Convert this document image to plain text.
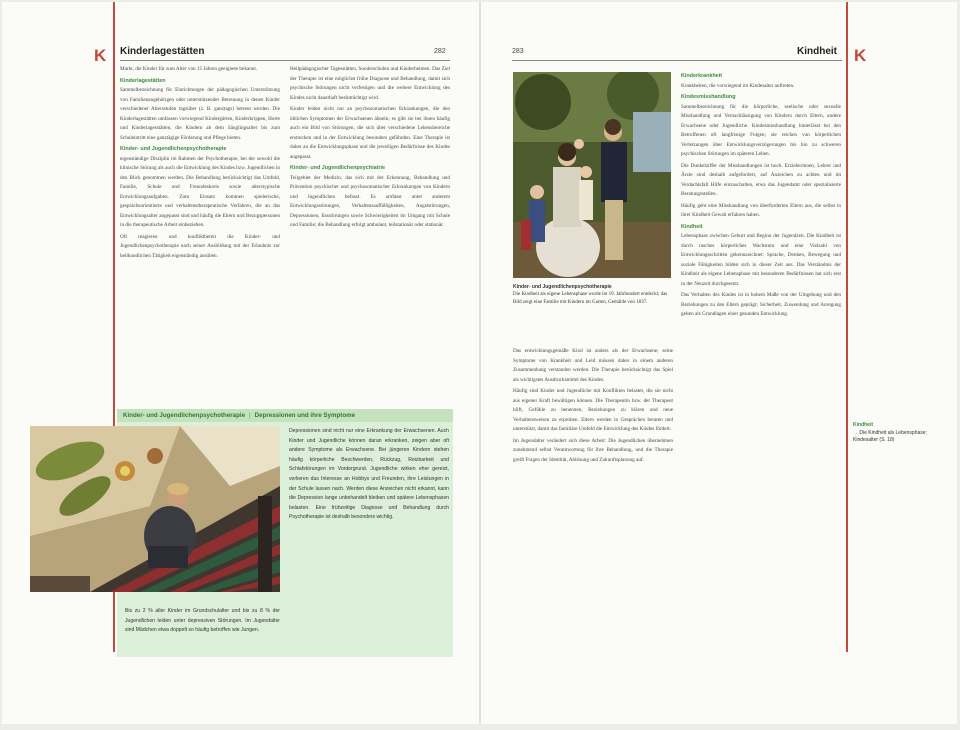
K Kinderlagestätten	282

Markt, die Kinder für zum Alter von 15 Jahren geeignete bekannt.

Kinderlagestätten

Sammelbezeichnung für Einrichtungen der pädagogischen Unterstützung von Familienangehörigen oder unterstützender Betreuung in denen Kinder verschiedener Altersstufen tagsüber (z. B. ganztags) betreut werden. Die Kinderlagestätten umfassen vorwiegend Kindergärten, Kinderkrippen, Horte und Kindertagesstätten, die Kindern ab dem Säuglingsalter bis zum Schuleintritt eine ganztägige Förderung und Pflege bieten.

Kinder- und Jugendlichenpsychotherapie

eigenständige Disziplin im Rahmen der Psychotherapie, bei der sowohl die klinische Störung als auch die Entwicklung des Kindes bzw. Jugendlichen in den Blick genommen werden. Die Behandlung berücksichtigt das Umfeld, Familie, Schule und Freundeskreis sowie alterstypische Entwicklungsaufgaben. Zum Einsatz kommen spielerische, gesprächsorientierte und verhaltenstherapeutische Verfahren, die an das Entwicklungsalter angepasst sind und häufig die Eltern und Bezugspersonen in die therapeutische Arbeit einbeziehen.

Oft reagieren und konfliktbereit die Kinder- und Jugendlichenpsychotherapie nach seiner Ausbildung mit der Erlaubnis zur heilkundlichen Tätigkeit eigenständig ausüben.

Heilpädagogischer Tagesstätten, Sonderschulen und Kinderheimen. Das Ziel der Therapie ist eine möglichst frühe Diagnose und Behandlung, damit sich psychische Störungen nicht verfestigen und die weitere Entwicklung des Kindes nicht dauerhaft beeinträchtigt wird.

Kinder leiden nicht nur an psychosomatischen Erkrankungen, die den üblichen Symptomen der Erwachsenen ähneln; es gibt sie bei ihnen häufig auch ein Bild von Störungen, die sich über verschiedene Lebensbereiche erstrecken und in der Entwicklung besonders gefährden. Eine Therapie ist daher an die Entwicklungsphase und die jeweiligen Bedürfnisse des Kindes angepasst.

Kinder- und Jugendlichenpsychiatrie

Teilgebiet der Medizin, das sich mit der Erkennung, Behandlung und Prävention psychischer und psychosomatischer Erkrankungen von Kindern und Jugendlichen befasst. Es umfasst unter anderem Entwicklungsstörungen, Verhaltensauffälligkeiten, Angststörungen, Depressionen, Essstörungen sowie Schwierigkeiten im Umgang mit Schule und Familie; die Behandlung erfolgt ambulant, teilstationär oder stationär.

Kinder- und Jugendlichenpsychotherapie | Depressionen und ihre Symptome
Depressionen sind nicht nur eine Erkrankung der Erwachsenen. Auch Kinder und Jugendliche können daran erkranken, zeigen aber oft andere Symptome als Erwachsene. Bei jüngeren Kindern stehen häufig körperliche Beschwerden, Rückzug, Reizbarkeit und Schlafstörungen im Vordergrund. Jugendliche wirken eher gereizt, verlieren das Interesse an Hobbys und Freunden, ihre Leistungen in der Schule lassen nach. Werden diese Anzeichen nicht erkannt, kann die Depression lange unbehandelt bleiben und spätere Lebensphasen belasten. Eine frühzeitige Diagnose und Behandlung durch Psychotherapie ist deshalb besonders wichtig.
Bis zu 2 % aller Kinder im Grundschulalter und bis zu 8 % der Jugendlichen leiden unter depressiven Störungen. Im Jugendalter sind Mädchen etwa doppelt so häufig betroffen wie Jungen.
K
Kindheit
283
Kinder- und Jugendlichenpsychotherapie
Die Kindheit als eigene Lebensphase wurde im 19. Jahrhundert entdeckt; das Bild zeigt eine Familie mit Kindern im Garten, Gemälde von 1837.

Das entwicklungsgemäße Kind ist anders als der Erwachsene; seine Symptome von Krankheit und Leid müssen daher in einem anderen Zusammenhang verstanden werden. Die Therapie berücksichtigt das Spiel als wichtigstes Ausdrucksmittel des Kindes.

Häufig sind Kinder und Jugendliche mit Konflikten belastet, die sie nicht aus eigener Kraft bewältigen können. Die Therapeutin bzw. der Therapeut hilft, Gefühle zu benennen, Beziehungen zu klären und neue Verhaltensweisen zu erproben. Eltern werden in Gesprächen beraten und unterstützt, damit das familiäre Umfeld die Entwicklung des Kindes fördert.

Im Jugendalter verändert sich diese Arbeit: Die Jugendlichen übernehmen zunehmend selbst Verantwortung für ihre Behandlung, und die Therapie greift Fragen der Identität, Ablösung und Zukunftsplanung auf.

Kinderkrankheit

Krankheiten, die vorwiegend im Kindesalter auftreten.

Kindesmisshandlung

Sammelbezeichnung für die körperliche, seelische oder sexuelle Misshandlung und Vernachlässigung von Kindern durch Eltern, andere Erwachsene oder Jugendliche. Kindesmisshandlung hinterlässt bei den Betroffenen oft langfristige Folgen; sie reichen von körperlichen Verletzungen über Entwicklungsverzögerungen bis hin zu schweren psychischen Störungen im späteren Leben.

Die Dunkelziffer der Misshandlungen ist hoch. Erzieherinnen, Lehrer und Ärzte sind deshalb aufgefordert, auf Anzeichen zu achten und im Verdachtsfall Hilfe einzuschalten, etwa das Jugendamt oder spezialisierte Beratungsstellen.

Häufig geht eine Misshandlung von überforderten Eltern aus, die selbst in ihrer Kindheit Gewalt erfahren haben.

Kindheit

Lebensphase zwischen Geburt und Beginn der Jugendzeit. Die Kindheit ist durch rasches körperliches Wachstum und eine Vielzahl von Entwicklungsschritten gekennzeichnet: Sprache, Denken, Bewegung und soziale Fähigkeiten bilden sich in dieser Zeit aus. Das Verständnis der Kindheit als eigene Lebensphase mit besonderen Bedürfnissen hat sich erst in der Neuzeit durchgesetzt.

Das Verhalten des Kindes ist in hohem Maße von der Umgebung und den Beziehungen zu den Eltern geprägt; Sicherheit, Zuwendung und Anregung gelten als Grundlagen einer gesunden Entwicklung.

Kindheit
→ Die Kindheit als Lebensphase; Kindesalter (S. 18)
